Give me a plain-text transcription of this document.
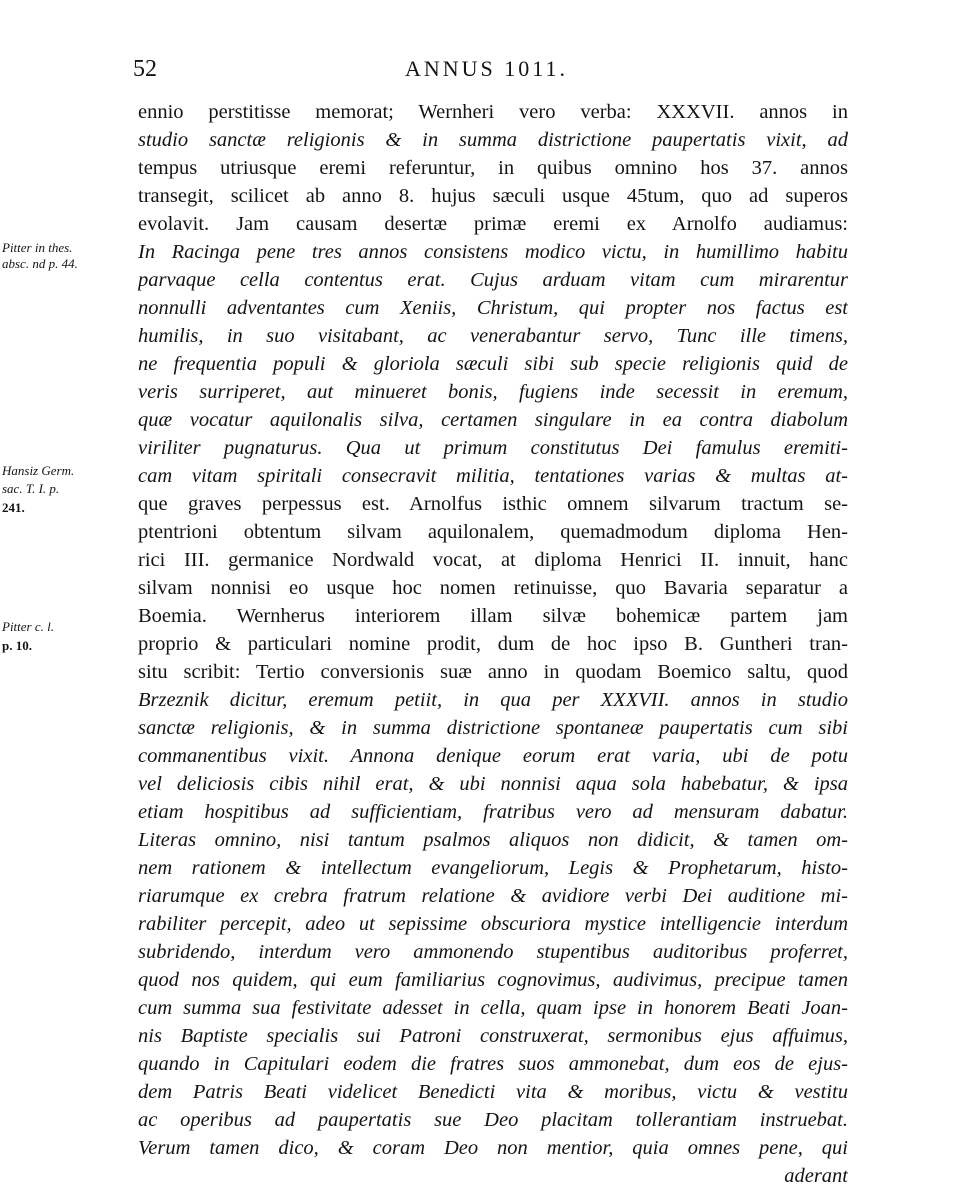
52	ANNUS 1011.
Pitter in thes.
absc. nd p. 44.
Hansiz Germ.
sac. T. I. p.
241.
Pitter c. l.
p. 10.
ennio perstitisse memorat; Wernheri vero verba: XXXVII. annos in
studio sanctæ religionis & in summa districtione paupertatis vixit, ad
tempus utriusque eremi referuntur, in quibus omnino hos 37. annos
transegit, scilicet ab anno 8. hujus sæculi usque 45tum, quo ad superos
evolavit. Jam causam desertæ primæ eremi ex Arnolfo audiamus:
In Racinga pene tres annos consistens modico victu, in humillimo habitu
parvaque cella contentus erat. Cujus arduam vitam cum mirarentur
nonnulli adventantes cum Xeniis, Christum, qui propter nos factus est
humilis, in suo visitabant, ac venerabantur servo, Tunc ille timens,
ne frequentia populi & gloriola sæculi sibi sub specie religionis quid de
veris surriperet, aut minueret bonis, fugiens inde secessit in eremum,
quæ vocatur aquilonalis silva, certamen singulare in ea contra diabolum
viriliter pugnaturus. Qua ut primum constitutus Dei famulus eremiti-
cam vitam spiritali consecravit militia, tentationes varias & multas at-
que graves perpessus est. Arnolfus isthic omnem silvarum tractum se-
ptentrioni obtentum silvam aquilonalem, quemadmodum diploma Hen-
rici III. germanice Nordwald vocat, at diploma Henrici II. innuit, hanc
silvam nonnisi eo usque hoc nomen retinuisse, quo Bavaria separatur a
Boemia. Wernherus interiorem illam silvæ bohemicæ partem jam
proprio & particulari nomine prodit, dum de hoc ipso B. Guntheri tran-
situ scribit: Tertio conversionis suæ anno in quodam Boemico saltu, quod
Brzeznik dicitur, eremum petiit, in qua per XXXVII. annos in studio
sanctæ religionis, & in summa districtione spontaneæ paupertatis cum sibi
commanentibus vixit. Annona denique eorum erat varia, ubi de potu
vel deliciosis cibis nihil erat, & ubi nonnisi aqua sola habebatur, & ipsa
etiam hospitibus ad sufficientiam, fratribus vero ad mensuram dabatur.
Literas omnino, nisi tantum psalmos aliquos non didicit, & tamen om-
nem rationem & intellectum evangeliorum, Legis & Prophetarum, histo-
riarumque ex crebra fratrum relatione & avidiore verbi Dei auditione mi-
rabiliter percepit, adeo ut sepissime obscuriora mystice intelligencie interdum
subridendo, interdum vero ammonendo stupentibus auditoribus proferret,
quod nos quidem, qui eum familiarius cognovimus, audivimus, precipue tamen
cum summa sua festivitate adesset in cella, quam ipse in honorem Beati Joan-
nis Baptiste specialis sui Patroni construxerat, sermonibus ejus affuimus,
quando in Capitulari eodem die fratres suos ammonebat, dum eos de ejus-
dem Patris Beati videlicet Benedicti vita & moribus, victu & vestitu
ac operibus ad paupertatis sue Deo placitam tollerantiam instruebat.
Verum tamen dico, & coram Deo non mentior, quia omnes pene, qui
aderant
